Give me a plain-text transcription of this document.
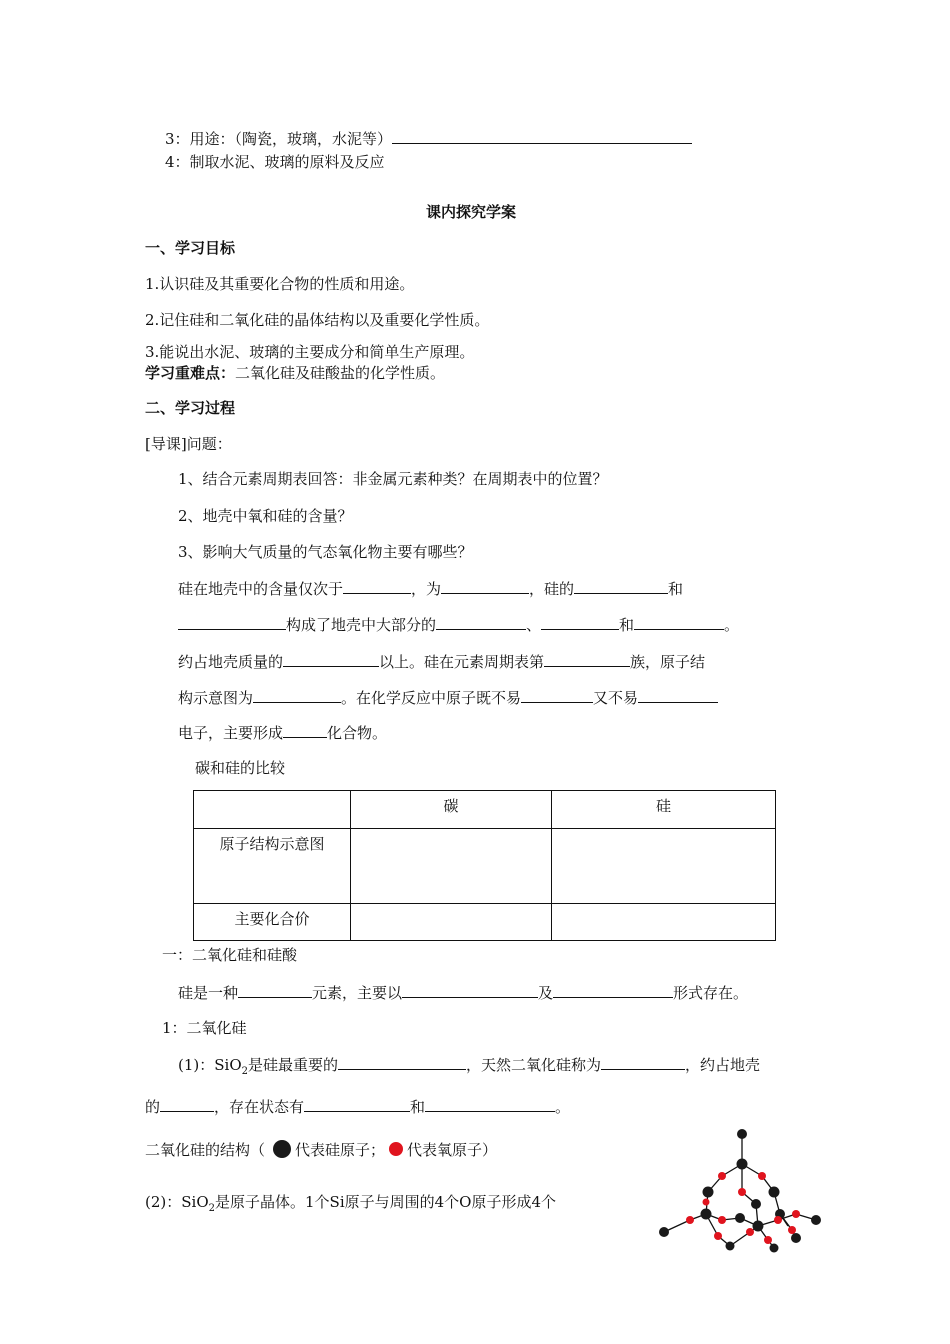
3：用途：（陶瓷，玻璃，水泥等）
4：制取水泥、玻璃的原料及反应
课内探究学案
一、学习目标
1.认识硅及其重要化合物的性质和用途。
2.记住硅和二氧化硅的晶体结构以及重要化学性质。
3.能说出水泥、玻璃的主要成分和简单生产原理。
学习重难点：二氧化硅及硅酸盐的化学性质。
二、学习过程
[导课]问题：
1、结合元素周期表回答：非金属元素种类？在周期表中的位置？
2、地壳中氧和硅的含量？
3、影响大气质量的气态氧化物主要有哪些？
硅在地壳中的含量仅次于	，为	，硅的	和
构成了地壳中大部分的	、	和	。
约占地壳质量的	以上。硅在元素周期表第	族，原子结
构示意图为	。在化学反应中原子既不易	又不易
电子，主要形成	化合物。
碳和硅的比较
	碳	硅
原子结构示意图		
主要化合价		
一：二氧化硅和硅酸
硅是一种	元素，主要以	及	形式存在。
1：二氧化硅
(1)：SiO$_2$是硅最重要的	，天然二氧化硅称为	，约占地壳
的	，存在状态有	和	。
二氧化硅的结构（ 代表硅原子； 代表氧原子）
(2)：SiO$_2$是原子晶体。1个Si原子与周围的4个O原子形成4个
